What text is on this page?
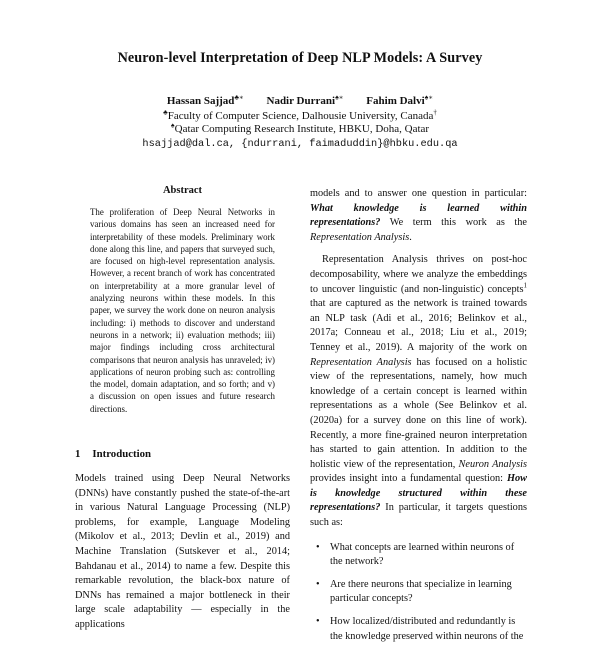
Neuron-level Interpretation of Deep NLP Models: A Survey
Hassan Sajjad♣∗ Nadir Durrani♠∗ Fahim Dalvi♠∗
♣Faculty of Computer Science, Dalhousie University, Canada†
♠Qatar Computing Research Institute, HBKU, Doha, Qatar
hsajjad@dal.ca, {ndurrani, faimaduddin}@hbku.edu.qa
Abstract
The proliferation of Deep Neural Networks in various domains has seen an increased need for interpretability of these models. Preliminary work done along this line, and papers that surveyed such, are focused on high-level representation analysis. However, a recent branch of work has concentrated on interpretability at a more granular level of analyzing neurons within these models. In this paper, we survey the work done on neuron analysis including: i) methods to discover and understand neurons in a network; ii) evaluation methods; iii) major findings including cross architectural comparisons that neuron analysis has unraveled; iv) applications of neuron probing such as: controlling the model, domain adaptation, and so forth; and v) a discussion on open issues and future research directions.
1 Introduction

Models trained using Deep Neural Networks (DNNs) have constantly pushed the state-of-the-art in various Natural Language Processing (NLP) problems, for example, Language Modeling (Mikolov et al., 2013; Devlin et al., 2019) and Machine Translation (Sutskever et al., 2014; Bahdanau et al., 2014) to name a few. Despite this remarkable revolution, the black-box nature of DNNs has remained a major bottleneck in their large scale adaptability — especially in the applications

models and to answer one question in particular: What knowledge is learned within representations? We term this work as the Representation Analysis.

Representation Analysis thrives on post-hoc decomposability, where we analyze the embeddings to uncover linguistic (and non-linguistic) concepts$^1$ that are captured as the network is trained towards an NLP task (Adi et al., 2016; Belinkov et al., 2017a; Conneau et al., 2018; Liu et al., 2019; Tenney et al., 2019). A majority of the work on Representation Analysis has focused on a holistic view of the representations, namely, how much knowledge of a certain concept is learned within representations as a whole (See Belinkov et al. (2020a) for a survey done on this line of work). Recently, a more fine-grained neuron interpretation has started to gain attention. In addition to the holistic view of the representation, Neuron Analysis provides insight into a fundamental question: How is knowledge structured within these representations? In particular, it targets questions such as:

• What concepts are learned within neurons of the network?
• Are there neurons that specialize in learning particular concepts?
• How localized/distributed and redundantly is the knowledge preserved within neurons of the
